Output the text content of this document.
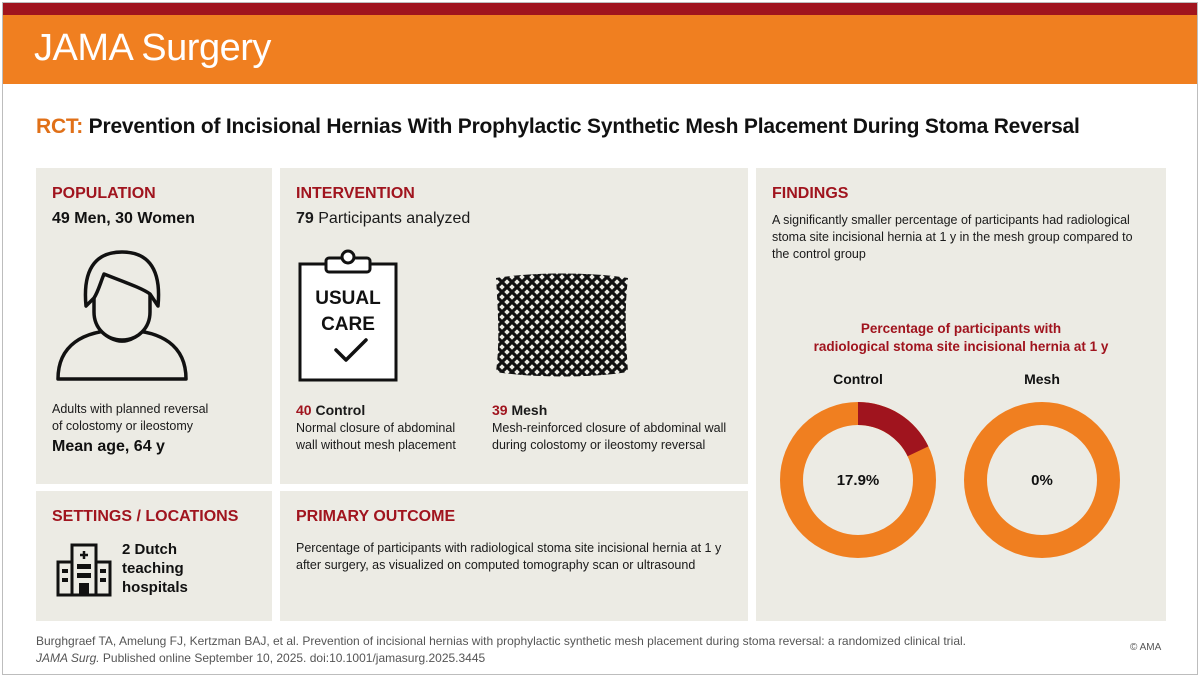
JAMA Surgery
RCT: Prevention of Incisional Hernias With Prophylactic Synthetic Mesh Placement During Stoma Reversal
POPULATION
49 Men, 30 Women
Adults with planned reversal
of colostomy or ileostomy
Mean age, 64 y
INTERVENTION
79 Participants analyzed
USUAL
CARE
40 Control
Normal closure of abdominal
wall without mesh placement
39 Mesh
Mesh-reinforced closure of abdominal wall
during colostomy or ileostomy reversal
SETTINGS / LOCATIONS
2 Dutch
teaching
hospitals
PRIMARY OUTCOME
Percentage of participants with radiological stoma site incisional hernia at 1 y
after surgery, as visualized on computed tomography scan or ultrasound
FINDINGS
A significantly smaller percentage of participants had radiological
stoma site incisional hernia at 1 y in the mesh group compared to
the control group
Percentage of participants with
radiological stoma site incisional hernia at 1 y
Control	Mesh
17.9%	0%
Burghgraef TA, Amelung FJ, Kertzman BAJ, et al. Prevention of incisional hernias with prophylactic synthetic mesh placement during stoma reversal: a randomized clinical trial.
JAMA Surg. Published online September 10, 2025. doi:10.1001/jamasurg.2025.3445
© AMA
